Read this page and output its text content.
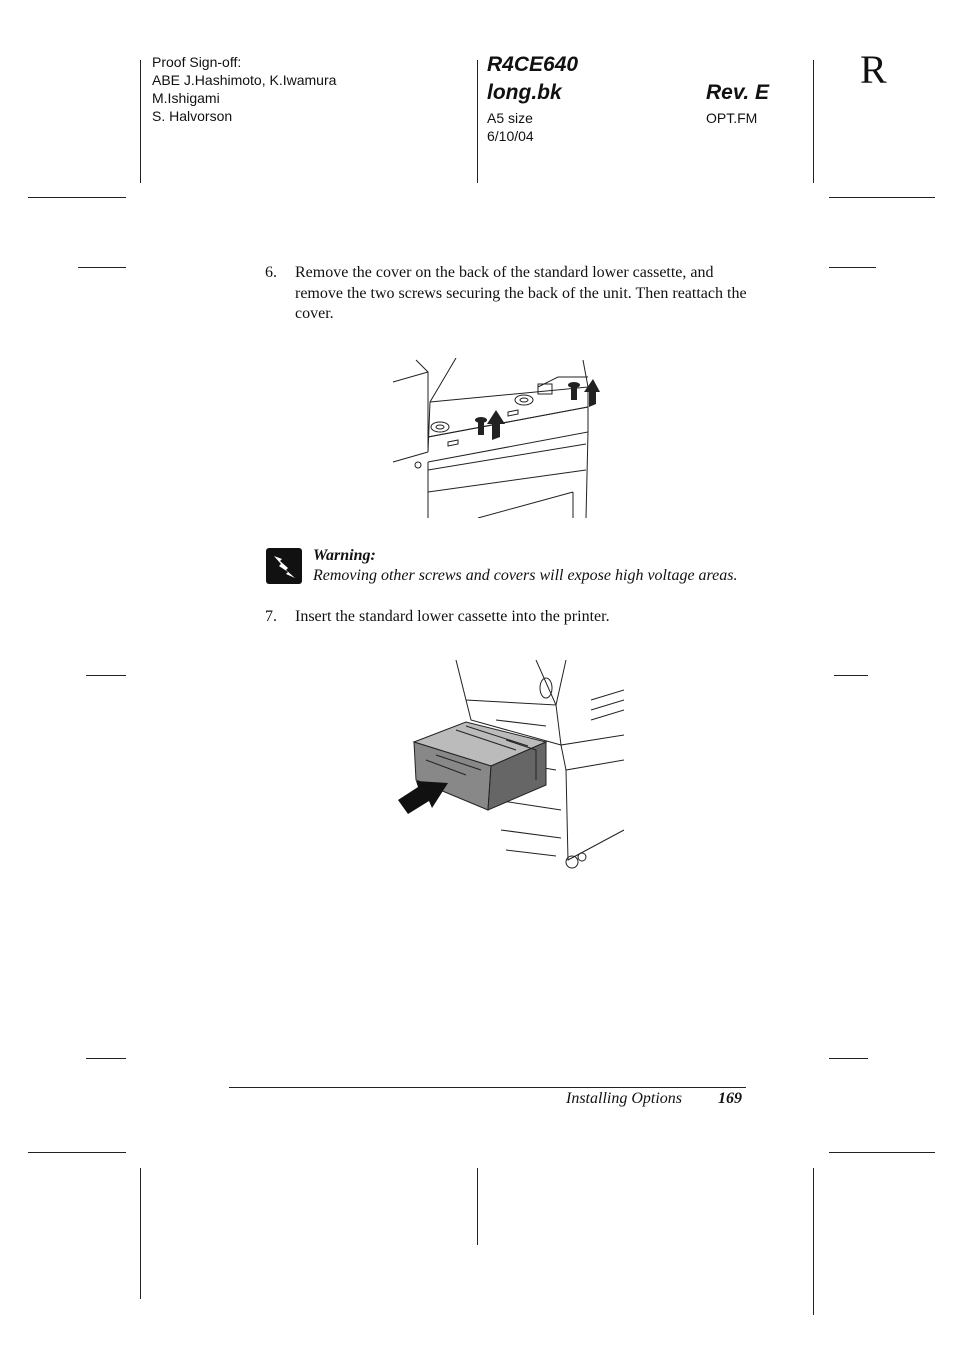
Proof Sign-off:
ABE J.Hashimoto, K.Iwamura
M.Ishigami
S. Halvorson
R4CE640
long.bk
A5 size
6/10/04
Rev. E
OPT.FM
R
6. Remove the cover on the back of the standard lower cassette, and remove the two screws securing the back of the unit. Then reattach the cover.
Warning:
Removing other screws and covers will expose high voltage areas.
7. Insert the standard lower cassette into the printer.
Installing Options 169
